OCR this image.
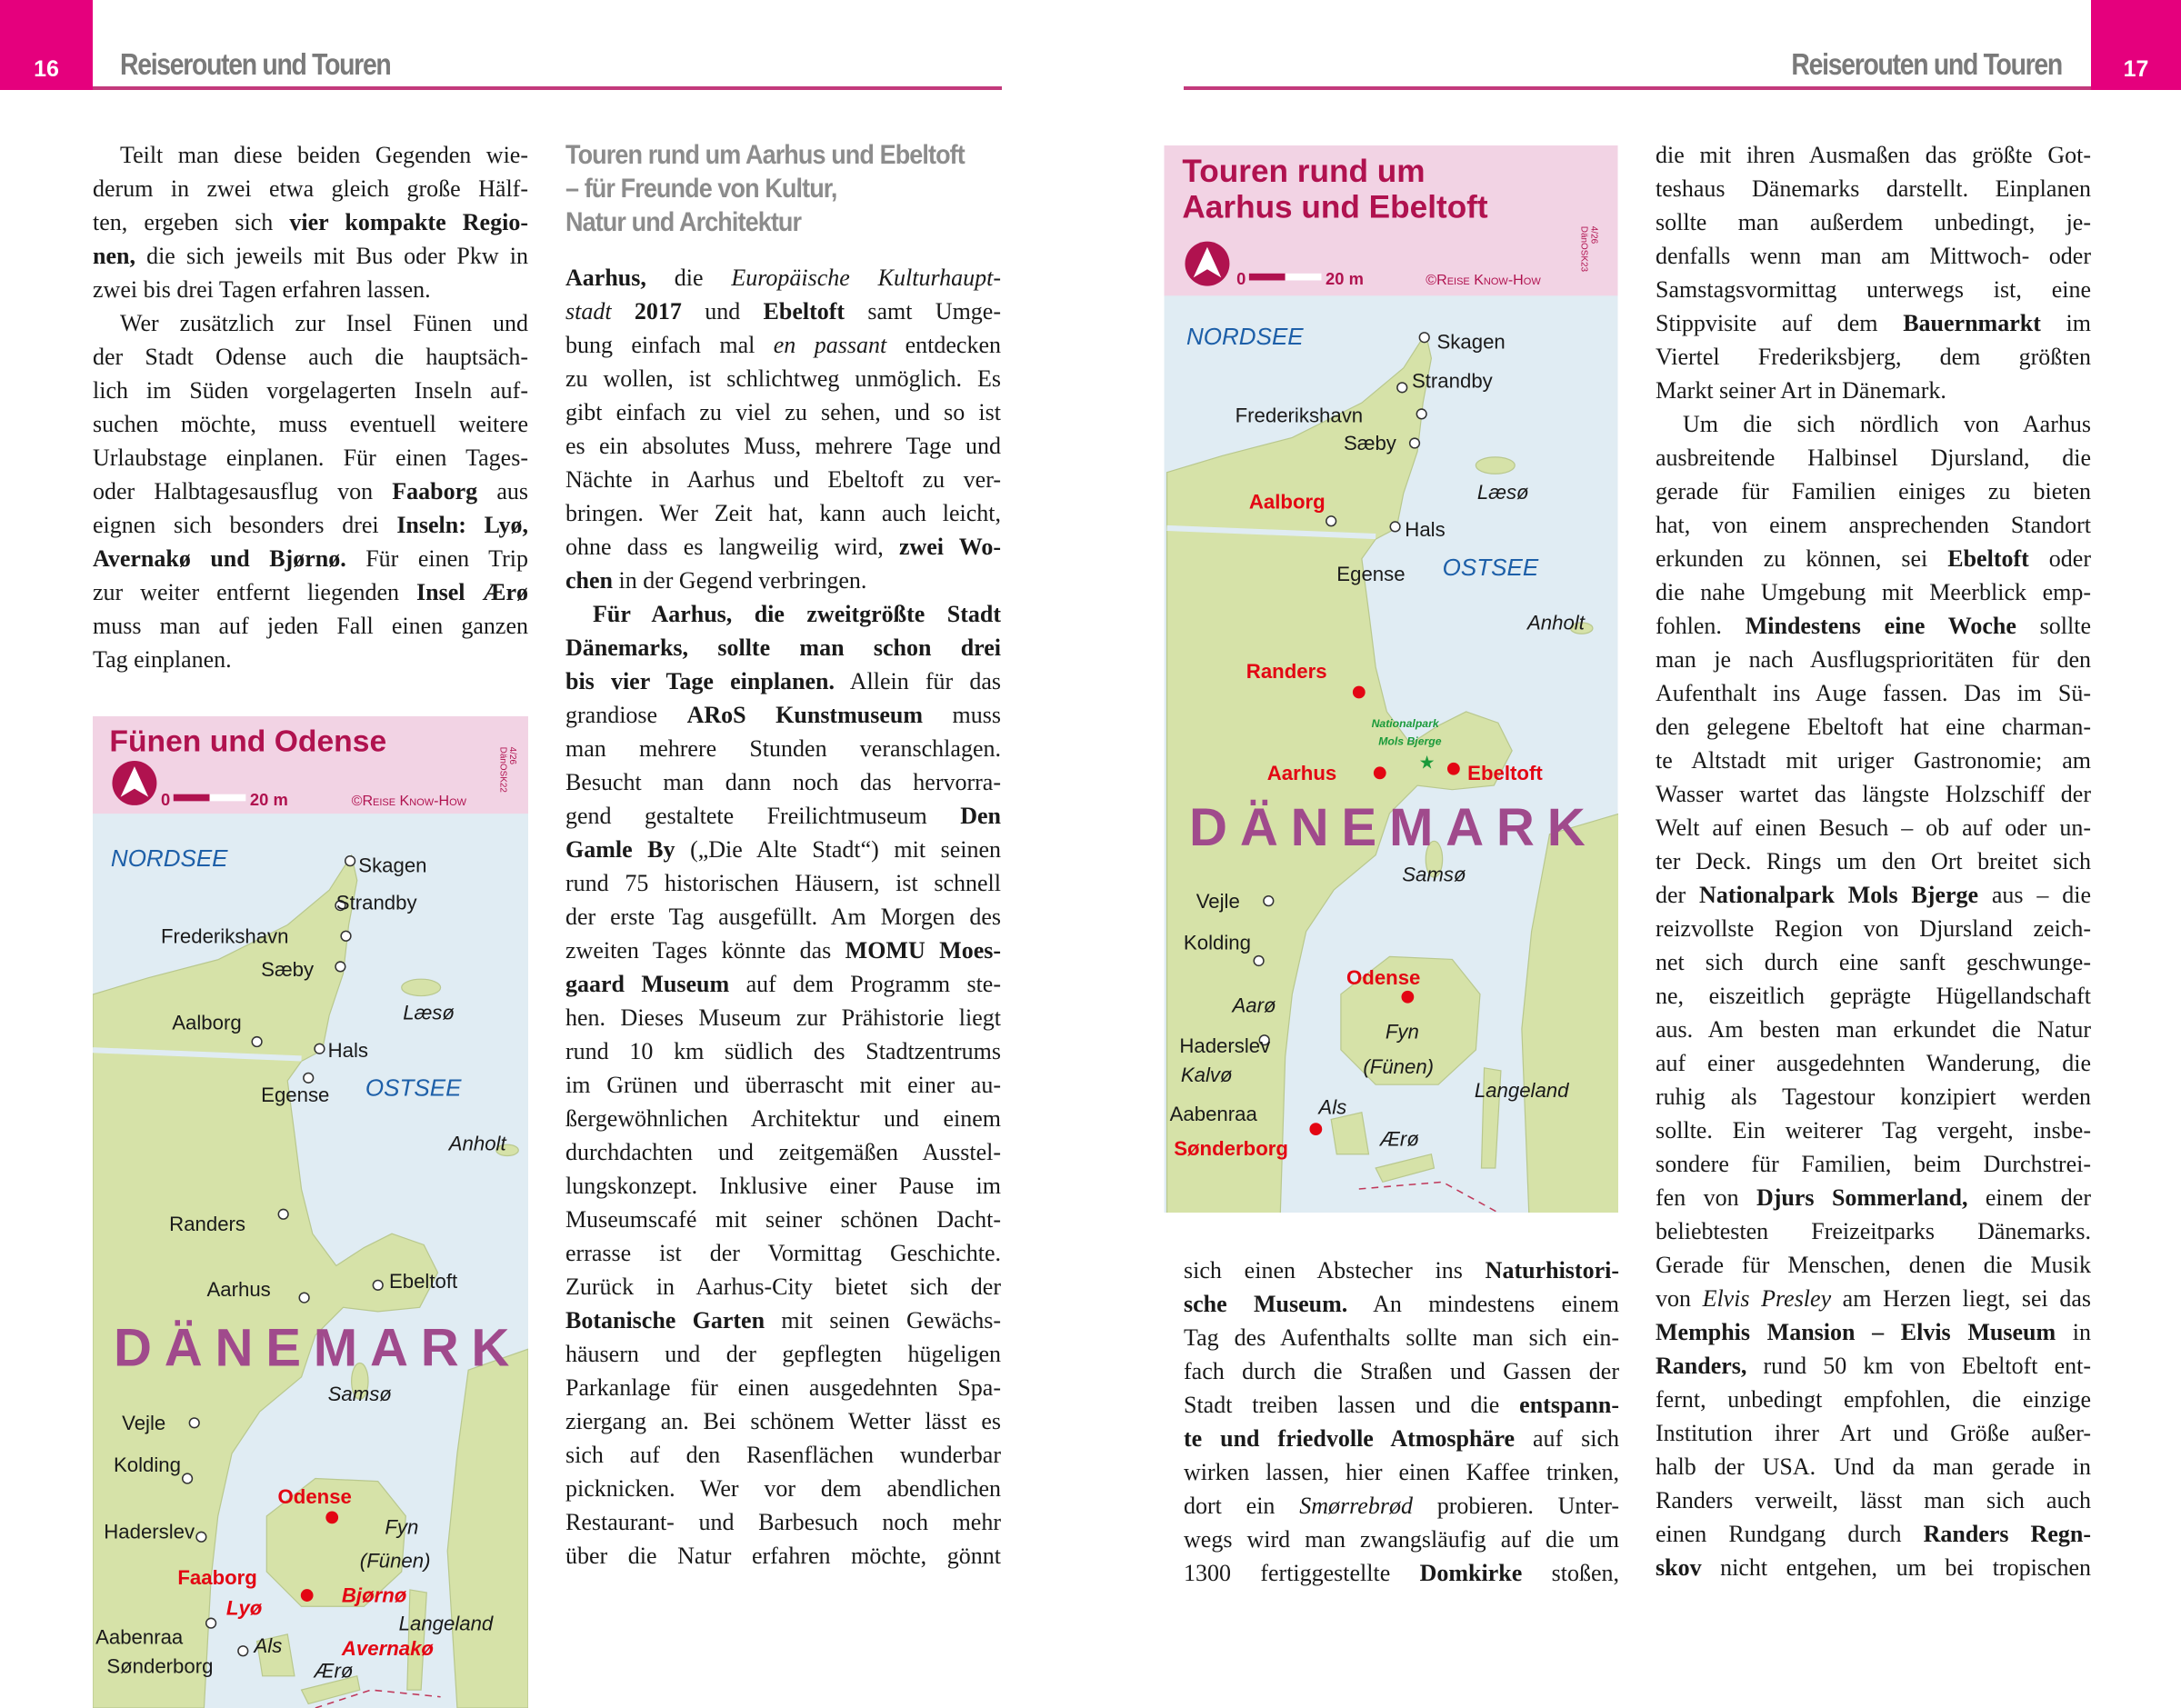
16	Reiserouten und Touren	17
Reiserouten und Touren
Teilt man diese beiden Gegenden wie-
derum in zwei etwa gleich große Hälf-
ten, ergeben sich vier kompakte Regio-
nen, die sich jeweils mit Bus oder Pkw in
zwei bis drei Tagen erfahren lassen.
Wer zusätzlich zur Insel Fünen und
der Stadt Odense auch die hauptsäch-
lich im Süden vorgelagerten Inseln auf-
suchen möchte, muss eventuell weitere
Urlaubstage einplanen. Für einen Tages-
oder Halbtagesausflug von Faaborg aus
eignen sich besonders drei Inseln: Lyø,
Avernakø und Bjørnø. Für einen Trip
zur weiter entfernt liegenden Insel Ærø
muss man auf jeden Fall einen ganzen
Tag einplanen.
Touren rund um Aarhus und Ebeltoft
– für Freunde von Kultur,
Natur und Architektur
Aarhus, die Europäische Kulturhaupt-
stadt 2017 und Ebeltoft samt Umge-
bung einfach mal en passant entdecken
zu wollen, ist schlichtweg unmöglich. Es
gibt einfach zu viel zu sehen, und so ist
es ein absolutes Muss, mehrere Tage und
Nächte in Aarhus und Ebeltoft zu ver-
bringen. Wer Zeit hat, kann auch leicht,
ohne dass es langweilig wird, zwei Wo-
chen in der Gegend verbringen.
Für Aarhus, die zweitgrößte Stadt
Dänemarks, sollte man schon drei
bis vier Tage einplanen. Allein für das
grandiose ARoS Kunstmuseum muss
man mehrere Stunden veranschlagen.
Besucht man dann noch das hervorra-
gend gestaltete Freilichtmuseum Den
Gamle By („Die Alte Stadt“) mit seinen
rund 75 historischen Häusern, ist schnell
der erste Tag ausgefüllt. Am Morgen des
zweiten Tages könnte das MOMU Moes-
gaard Museum auf dem Programm ste-
hen. Dieses Museum zur Prähistorie liegt
rund 10 km südlich des Stadtzentrums
im Grünen und überrascht mit einer au-
ßergewöhnlichen Architektur und einem
durchdachten und zeitgemäßen Ausstel-
lungskonzept. Inklusive einer Pause im
Museumscafé mit seiner schönen Dacht-
errasse ist der Vormittag Geschichte.
Zurück in Aarhus-City bietet sich der
Botanische Garten mit seinen Gewächs-
häusern und der gepflegten hügeligen
Parkanlage für einen ausgedehnten Spa-
ziergang an. Bei schönem Wetter lässt es
sich auf den Rasenflächen wunderbar
picknicken. Wer vor dem abendlichen
Restaurant- und Barbesuch noch mehr
über die Natur erfahren möchte, gönnt
sich einen Abstecher ins Naturhistori-
sche Museum. An mindestens einem
Tag des Aufenthalts sollte man sich ein-
fach durch die Straßen und Gassen der
Stadt treiben lassen und die entspann-
te und friedvolle Atmosphäre auf sich
wirken lassen, hier einen Kaffee trinken,
dort ein Smørrebrød probieren. Unter-
wegs wird man zwangsläufig auf die um
1300 fertiggestellte Domkirke stoßen,
die mit ihren Ausmaßen das größte Got-
teshaus Dänemarks darstellt. Einplanen
sollte man außerdem unbedingt, je-
denfalls wenn man am Mittwoch- oder
Samstagsvormittag unterwegs ist, eine
Stippvisite auf dem Bauernmarkt im
Viertel Frederiksbjerg, dem größten
Markt seiner Art in Dänemark.
Um die sich nördlich von Aarhus
ausbreitende Halbinsel Djursland, die
gerade für Familien einiges zu bieten
hat, von einem ansprechenden Standort
erkunden zu können, sei Ebeltoft oder
die nahe Umgebung mit Meerblick emp-
fohlen. Mindestens eine Woche sollte
man je nach Ausflugsprioritäten für den
Aufenthalt ins Auge fassen. Das im Sü-
den gelegene Ebeltoft hat eine charman-
te Altstadt mit uriger Gastronomie; am
Wasser wartet das längste Holzschiff der
Welt auf einen Besuch – ob auf oder un-
ter Deck. Rings um den Ort breitet sich
der Nationalpark Mols Bjerge aus – die
reizvollste Region von Djursland zeich-
net sich durch eine sanft geschwunge-
ne, eiszeitlich geprägte Hügellandschaft
aus. Am besten man erkundet die Natur
auf einer ausgedehnten Wanderung, die
ruhig als Tagestour konzipiert werden
sollte. Ein weiterer Tag vergeht, insbe-
sondere für Familien, beim Durchstrei-
fen von Djurs Sommerland, einem der
beliebtesten Freizeitparks Dänemarks.
Gerade für Menschen, denen die Musik
von Elvis Presley am Herzen liegt, sei das
Memphis Mansion – Elvis Museum in
Randers, rund 50 km von Ebeltoft ent-
fernt, unbedingt empfohlen, die einzige
Institution ihrer Art und Größe außer-
halb der USA. Und da man gerade in
Randers verweilt, lässt man sich auch
einen Rundgang durch Randers Regn-
skov nicht entgehen, um bei tropischen
Fünen und Odense
0	20 m	©Reise Know-How
DänOSK22 4/26
NORDSEE
OSTSEE
Skagen
Strandby
Frederikshavn
Sæby
Læsø
Aalborg
Hals
Egense
Anholt
Randers
Aarhus	Ebeltoft
DÄNEMARK
Samsø
Vejle
Kolding
Odense
Fyn
(Fünen)
Haderslev
Faaborg
Bjørnø
Lyø
Langeland
Aabenraa	Als	Avernakø
Sønderborg	Ærø
Touren rund um
Aarhus und Ebeltoft
0	20 m	©Reise Know-How
DänOSK23 4/26
★
NORDSEE
OSTSEE
Skagen
Strandby
Frederikshavn
Sæby
Læsø
Aalborg
Hals
Egense
Anholt
Randers
Nationalpark
Mols Bjerge
Aarhus	Ebeltoft
DÄNEMARK
Samsø
Vejle
Kolding
Odense
Aarø
Fyn
(Fünen)
Haderslev
Kalvø
Langeland
Aabenraa	Als
Ærø
Sønderborg
